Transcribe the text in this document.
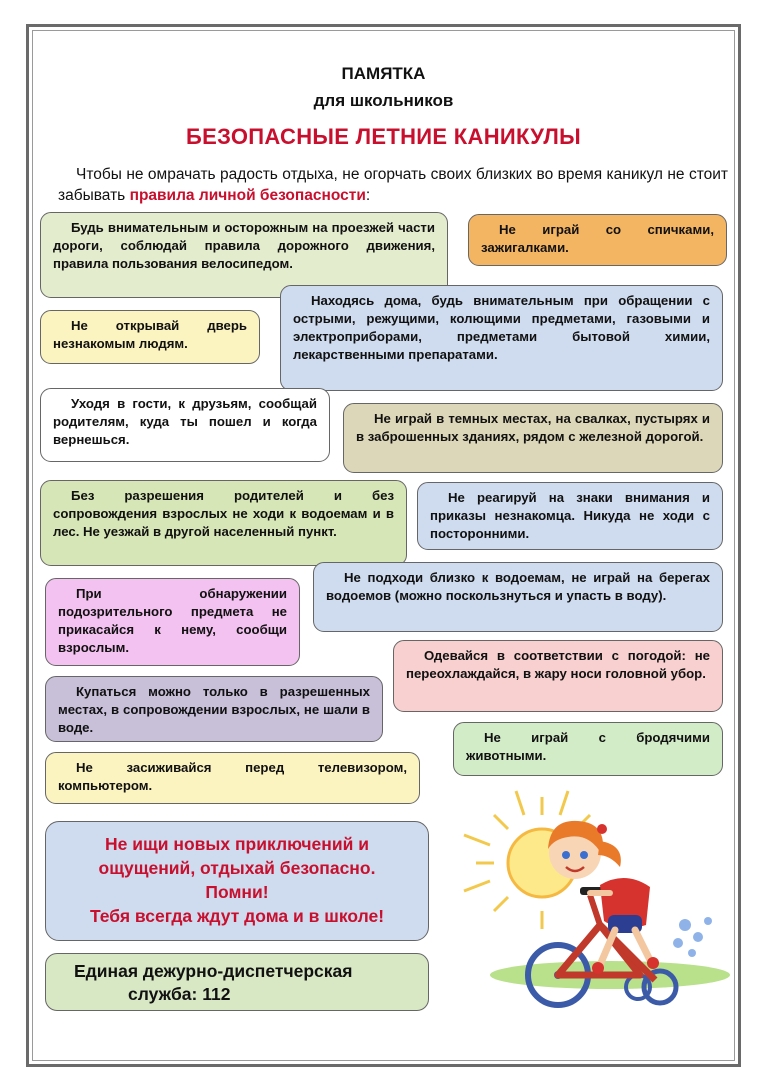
ПАМЯТКА
для школьников
БЕЗОПАСНЫЕ ЛЕТНИЕ КАНИКУЛЫ
Чтобы не омрачать радость отдыха, не огорчать своих близких во время каникул не стоит забывать правила личной безопасности:

Будь внимательным и осторожным на проезжей части дороги, соблюдай правила дорожного движения, правила пользования велосипедом.

Не играй со спичками, зажигалками.

Находясь дома, будь внимательным при обращении с острыми, режущими, колющими предметами, газовыми и электроприборами, предметами бытовой химии, лекарственными препаратами.

Не открывай дверь незнакомым людям.

Уходя в гости, к друзьям, сообщай родителям, куда ты пошел и когда вернешься.

Не играй в темных местах, на свалках, пустырях и в заброшенных зданиях, рядом с железной дорогой.

Без разрешения родителей и без сопровождения взрослых не ходи к водоемам и в лес. Не уезжай в другой населенный пункт.

Не реагируй на знаки внимания и приказы незнакомца. Никуда не ходи с посторонними.

При обнаружении подозрительного предмета не прикасайся к нему, сообщи взрослым.

Не подходи близко к водоемам, не играй на берегах водоемов (можно поскользнуться и упасть в воду).

Одевайся в соответствии с погодой: не переохлаждайся, в жару носи головной убор.

Купаться можно только в разрешенных местах, в сопровождении взрослых, не шали в воде.

Не играй с бродячими животными.

Не засиживайся перед телевизором, компьютером.

Не ищи новых приключений и
ощущений, отдыхай безопасно.
Помни!
Тебя всегда ждут дома и в школе!
Единая дежурно-диспетчерская
служба: 112
